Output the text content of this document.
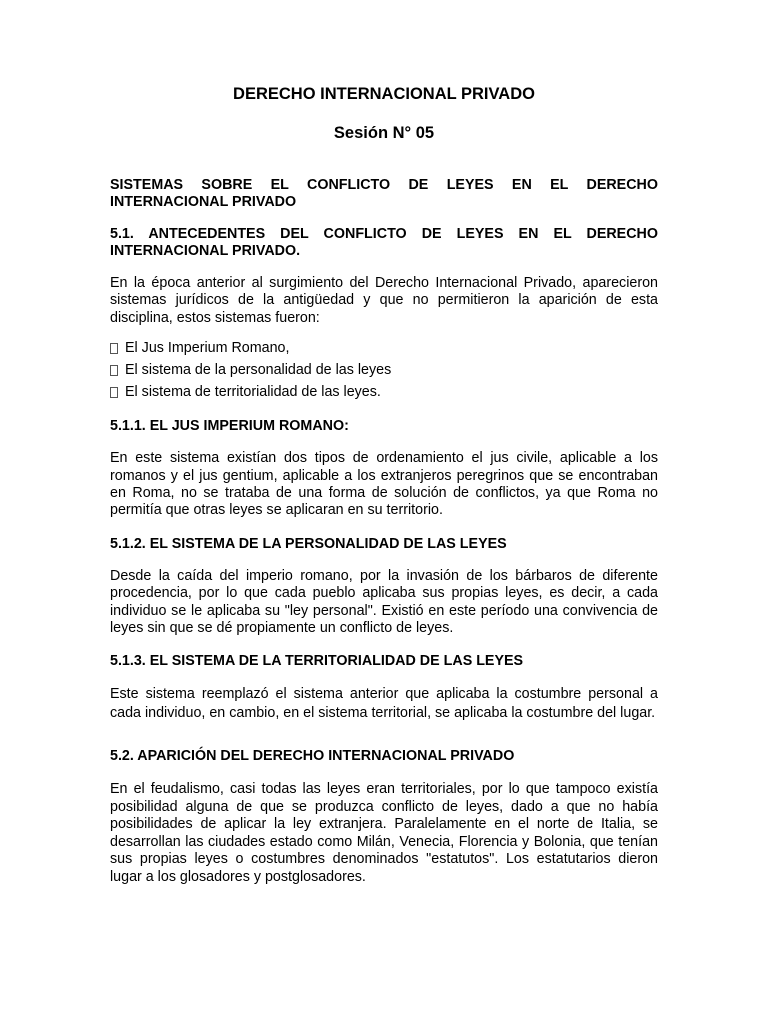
DERECHO INTERNACIONAL PRIVADO
Sesión N° 05

SISTEMAS SOBRE EL CONFLICTO DE LEYES EN EL DERECHO INTERNACIONAL PRIVADO

5.1. ANTECEDENTES DEL CONFLICTO DE LEYES EN EL DERECHO INTERNACIONAL PRIVADO.

En la época anterior al surgimiento del Derecho Internacional Privado, aparecieron sistemas jurídicos de la antigüedad y que no permitieron la aparición de esta disciplina, estos sistemas fueron:

El Jus Imperium Romano,
El sistema de la personalidad de las leyes
El sistema de territorialidad de las leyes.

5.1.1. EL JUS IMPERIUM ROMANO:

En este sistema existían dos tipos de ordenamiento el jus civile, aplicable a los romanos y el jus gentium, aplicable a los extranjeros peregrinos que se encontraban en Roma, no se trataba de una forma de solución de conflictos, ya que Roma no permitía que otras leyes se aplicaran en su territorio.

5.1.2. EL SISTEMA DE LA PERSONALIDAD DE LAS LEYES

Desde la caída del imperio romano, por la invasión de los bárbaros de diferente procedencia, por lo que cada pueblo aplicaba sus propias leyes, es decir, a cada individuo se le aplicaba su "ley personal". Existió en este período una convivencia de leyes sin que se dé propiamente un conflicto de leyes.

5.1.3. EL SISTEMA DE LA TERRITORIALIDAD DE LAS LEYES

Este sistema reemplazó el sistema anterior que aplicaba la costumbre personal a cada individuo, en cambio, en el sistema territorial, se aplicaba la costumbre del lugar.

5.2. APARICIÓN DEL DERECHO INTERNACIONAL PRIVADO

En el feudalismo, casi todas las leyes eran territoriales, por lo que tampoco existía posibilidad alguna de que se produzca conflicto de leyes, dado a que no había posibilidades de aplicar la ley extranjera. Paralelamente en el norte de Italia, se desarrollan las ciudades estado como Milán, Venecia, Florencia y Bolonia, que tenían sus propias leyes o costumbres denominados "estatutos". Los estatutarios dieron lugar a los glosadores y postglosadores.
